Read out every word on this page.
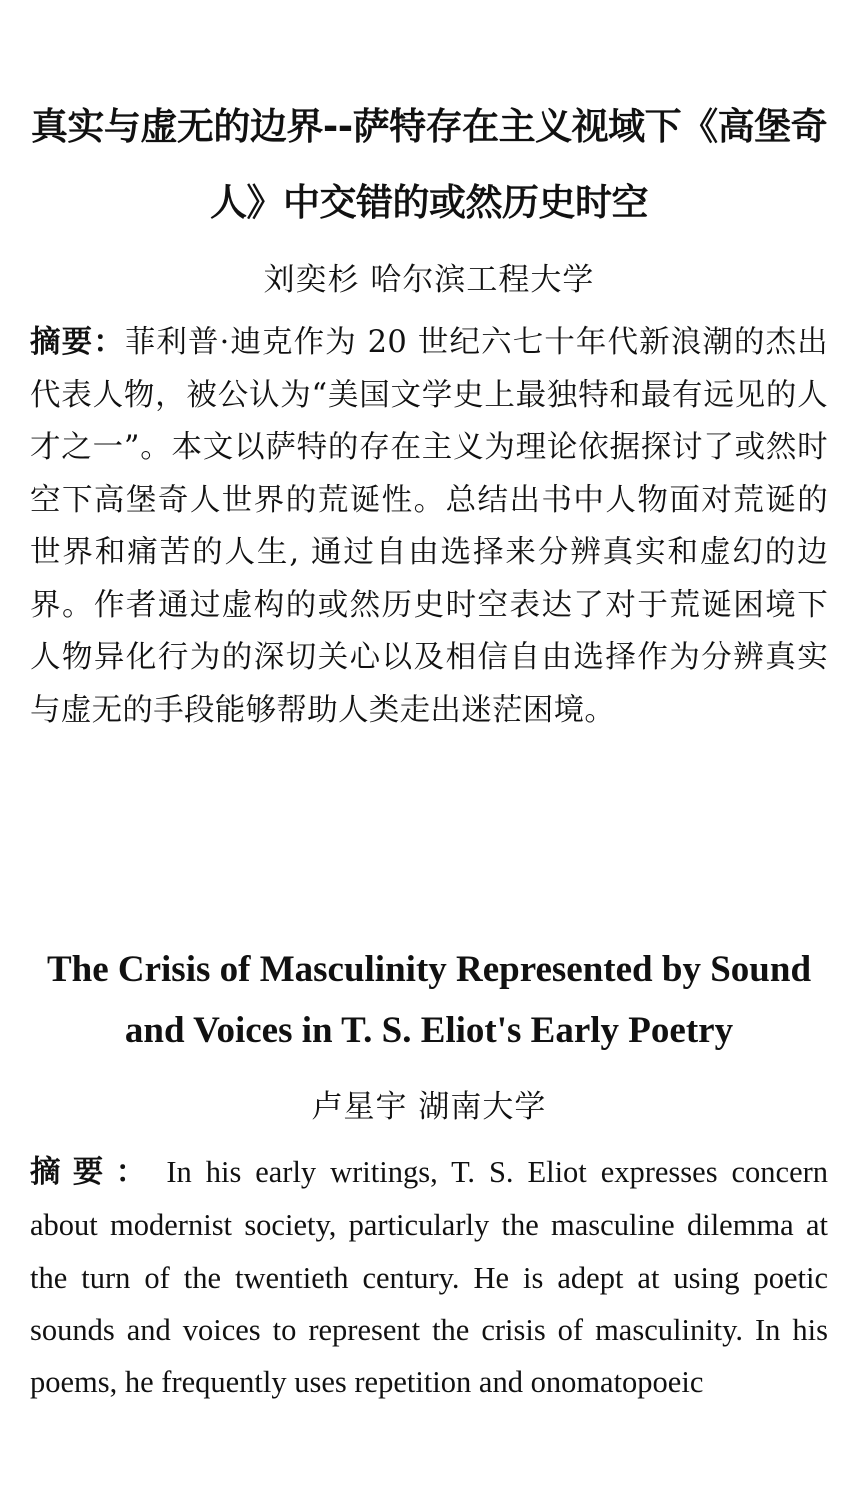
真实与虚无的边界--萨特存在主义视域下《高堡奇人》中交错的或然历史时空

刘奕杉 哈尔滨工程大学

摘要：菲利普·迪克作为 20 世纪六七十年代新浪潮的杰出代表人物，被公认为“美国文学史上最独特和最有远见的人才之一”。本文以萨特的存在主义为理论依据探讨了或然时空下高堡奇人世界的荒诞性。总结出书中人物面对荒诞的世界和痛苦的人生, 通过自由选择来分辨真实和虚幻的边界。作者通过虚构的或然历史时空表达了对于荒诞困境下人物异化行为的深切关心以及相信自由选择作为分辨真实与虚无的手段能够帮助人类走出迷茫困境。

The Crisis of Masculinity Represented by Sound and Voices in T. S. Eliot's Early Poetry

卢星宇 湖南大学

摘要： In his early writings, T. S. Eliot expresses concern about modernist society, particularly the masculine dilemma at the turn of the twentieth century. He is adept at using poetic sounds and voices to represent the crisis of masculinity. In his poems, he frequently uses repetition and onomatopoeic
